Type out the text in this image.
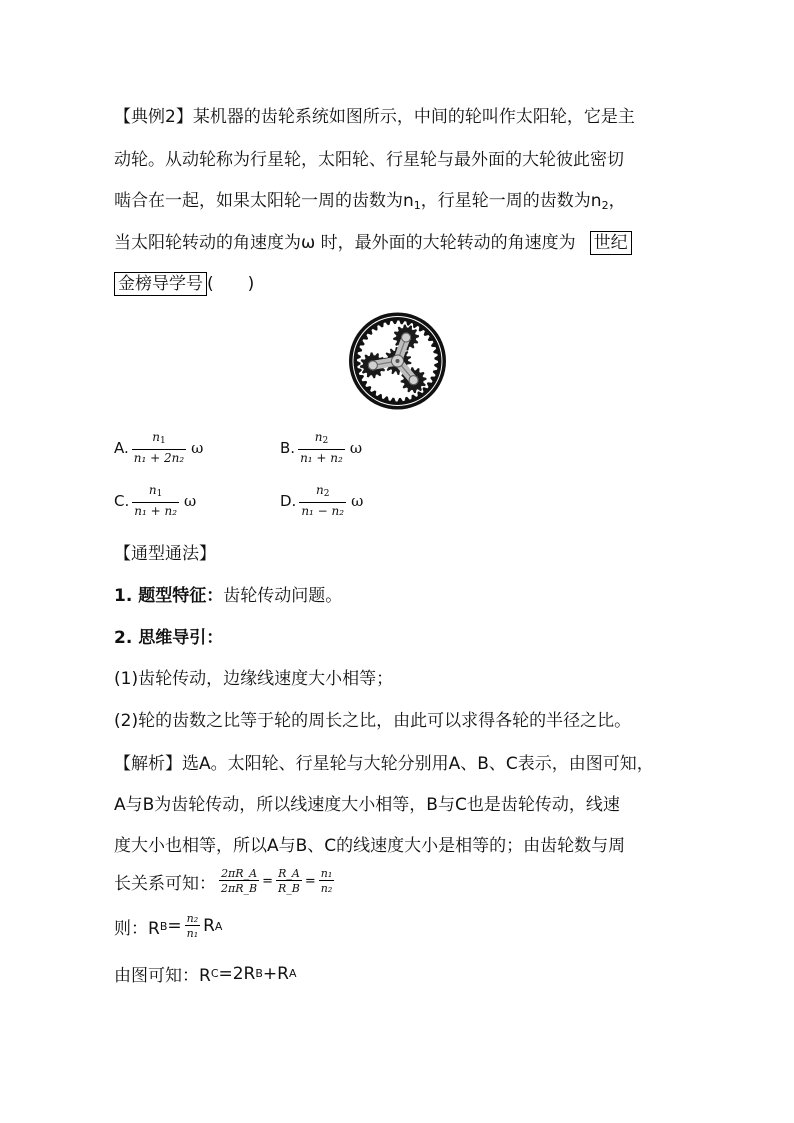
【典例2】某机器的齿轮系统如图所示，中间的轮叫作太阳轮，它是主
动轮。从动轮称为行星轮，太阳轮、行星轮与最外面的大轮彼此密切
啮合在一起，如果太阳轮一周的齿数为$n_1$，行星轮一周的齿数为$n_2$，
当太阳轮转动的角速度为ω 时，最外面的大轮转动的角速度为 世纪
金榜导学号 (　　)
A. $\frac{n_1}{\text{n₁ + 2n₂}}$ ω	B. $\frac{n_2}{\text{n₁ + n₂}}$ ω
C. $\frac{n_1}{\text{n₁ + n₂}}$ ω	D. $\frac{n_2}{\text{n₁ − n₂}}$ ω
【通型通法】
1. 题型特征：齿轮传动问题。
2. 思维导引：
(1)齿轮传动，边缘线速度大小相等；
(2)轮的齿数之比等于轮的周长之比，由此可以求得各轮的半径之比。
【解析】选A。太阳轮、行星轮与大轮分别用A、B、C表示，由图可知，
A与B为齿轮传动，所以线速度大小相等，B与C也是齿轮传动，线速
度大小也相等，所以A与B、C的线速度大小是相等的；由齿轮数与周
长关系可知： $\frac{2\pi R\_A}{2\pi R\_B} = \frac{R\_A}{R\_B} = \frac{\text{n₁}}{\text{n₂}}$
则：R $B = \frac{\text{n₂}}{\text{n₁}}$ R A
由图可知：R C =2R B +R A
